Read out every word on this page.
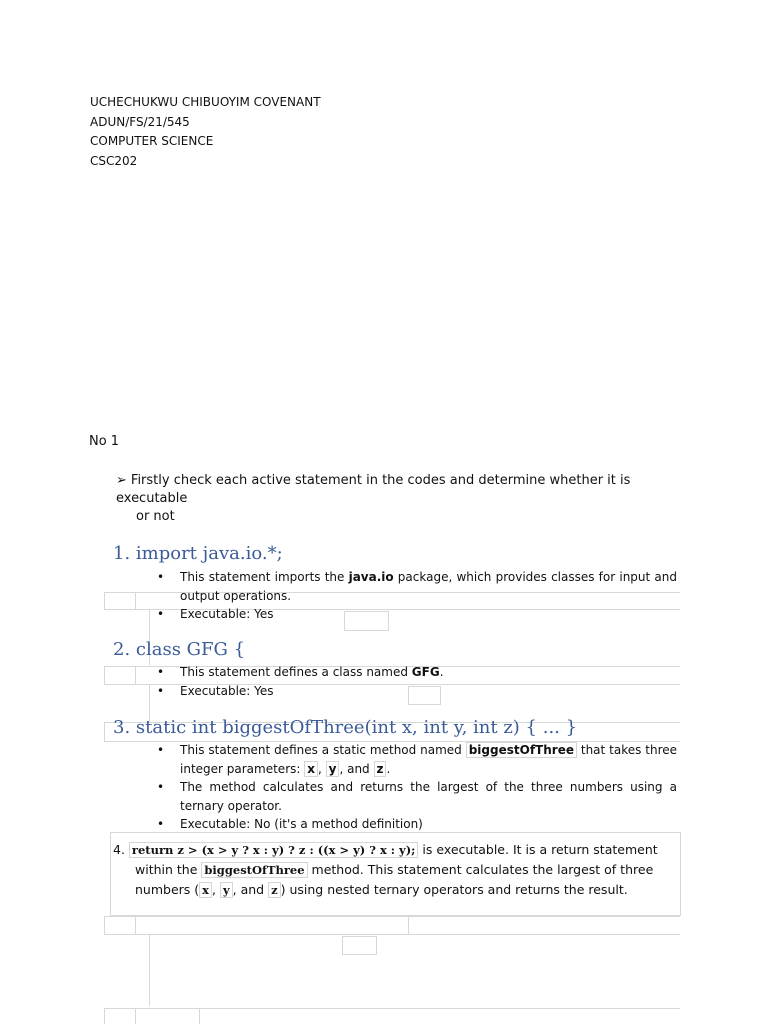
UCHECHUKWU CHIBUOYIM COVENANT
ADUN/FS/21/545
COMPUTER SCIENCE
CSC202
No 1
➢ Firstly check each active statement in the codes and determine whether it is executable
or not
1. import java.io.*;
• This statement imports the java.io package, which provides classes for input and output operations.
• Executable: Yes
2. class GFG {
• This statement defines a class named GFG.
• Executable: Yes
3. static int biggestOfThree(int x, int y, int z) { ... }
• This statement defines a static method named biggestOfThree that takes three integer parameters: x , y , and z .
• The method calculates and returns the largest of the three numbers using a ternary operator.
• Executable: No (it's a method definition)
4. return z > (x > y ? x : y) ? z : ((x > y) ? x : y); is executable. It is a return statement
within the biggestOfThree method. This statement calculates the largest of three
numbers ( x , y , and z ) using nested ternary operators and returns the result.
